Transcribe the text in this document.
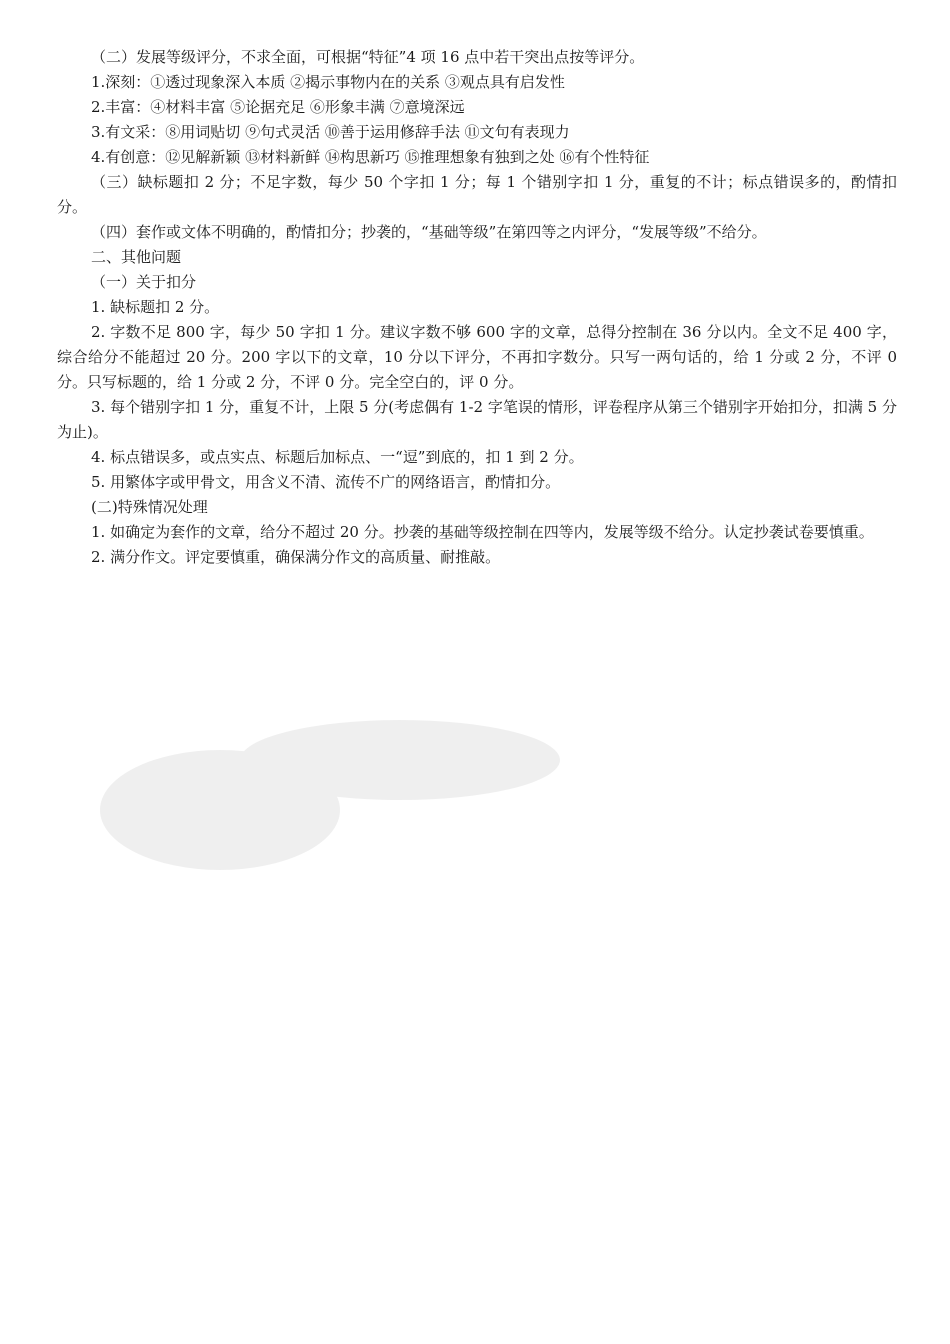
（二）发展等级评分，不求全面，可根据“特征”4 项 16 点中若干突出点按等评分。

1.深刻：①透过现象深入本质 ②揭示事物内在的关系 ③观点具有启发性

2.丰富：④材料丰富 ⑤论据充足 ⑥形象丰满 ⑦意境深远

3.有文采：⑧用词贴切 ⑨句式灵活 ⑩善于运用修辞手法 ⑪文句有表现力

4.有创意：⑫见解新颖 ⑬材料新鲜 ⑭构思新巧 ⑮推理想象有独到之处 ⑯有个性特征

（三）缺标题扣 2 分；不足字数，每少 50 个字扣 1 分；每 1 个错别字扣 1 分，重复的不计；标点错误多的，酌情扣分。

（四）套作或文体不明确的，酌情扣分；抄袭的，“基础等级”在第四等之内评分，“发展等级”不给分。

二、其他问题

（一）关于扣分

1. 缺标题扣 2 分。

2. 字数不足 800 字，每少 50 字扣 1 分。建议字数不够 600 字的文章，总得分控制在 36 分以内。全文不足 400 字，综合给分不能超过 20 分。200 字以下的文章，10 分以下评分，不再扣字数分。只写一两句话的，给 1 分或 2 分，不评 0 分。只写标题的，给 1 分或 2 分，不评 0 分。完全空白的，评 0 分。

3. 每个错别字扣 1 分，重复不计，上限 5 分(考虑偶有 1-2 字笔误的情形，评卷程序从第三个错别字开始扣分，扣满 5 分为止)。

4. 标点错误多，或点实点、标题后加标点、一“逗”到底的，扣 1 到 2 分。

5. 用繁体字或甲骨文，用含义不清、流传不广的网络语言，酌情扣分。

(二)特殊情况处理

1. 如确定为套作的文章，给分不超过 20 分。抄袭的基础等级控制在四等内，发展等级不给分。认定抄袭试卷要慎重。

2. 满分作文。评定要慎重，确保满分作文的高质量、耐推敲。
